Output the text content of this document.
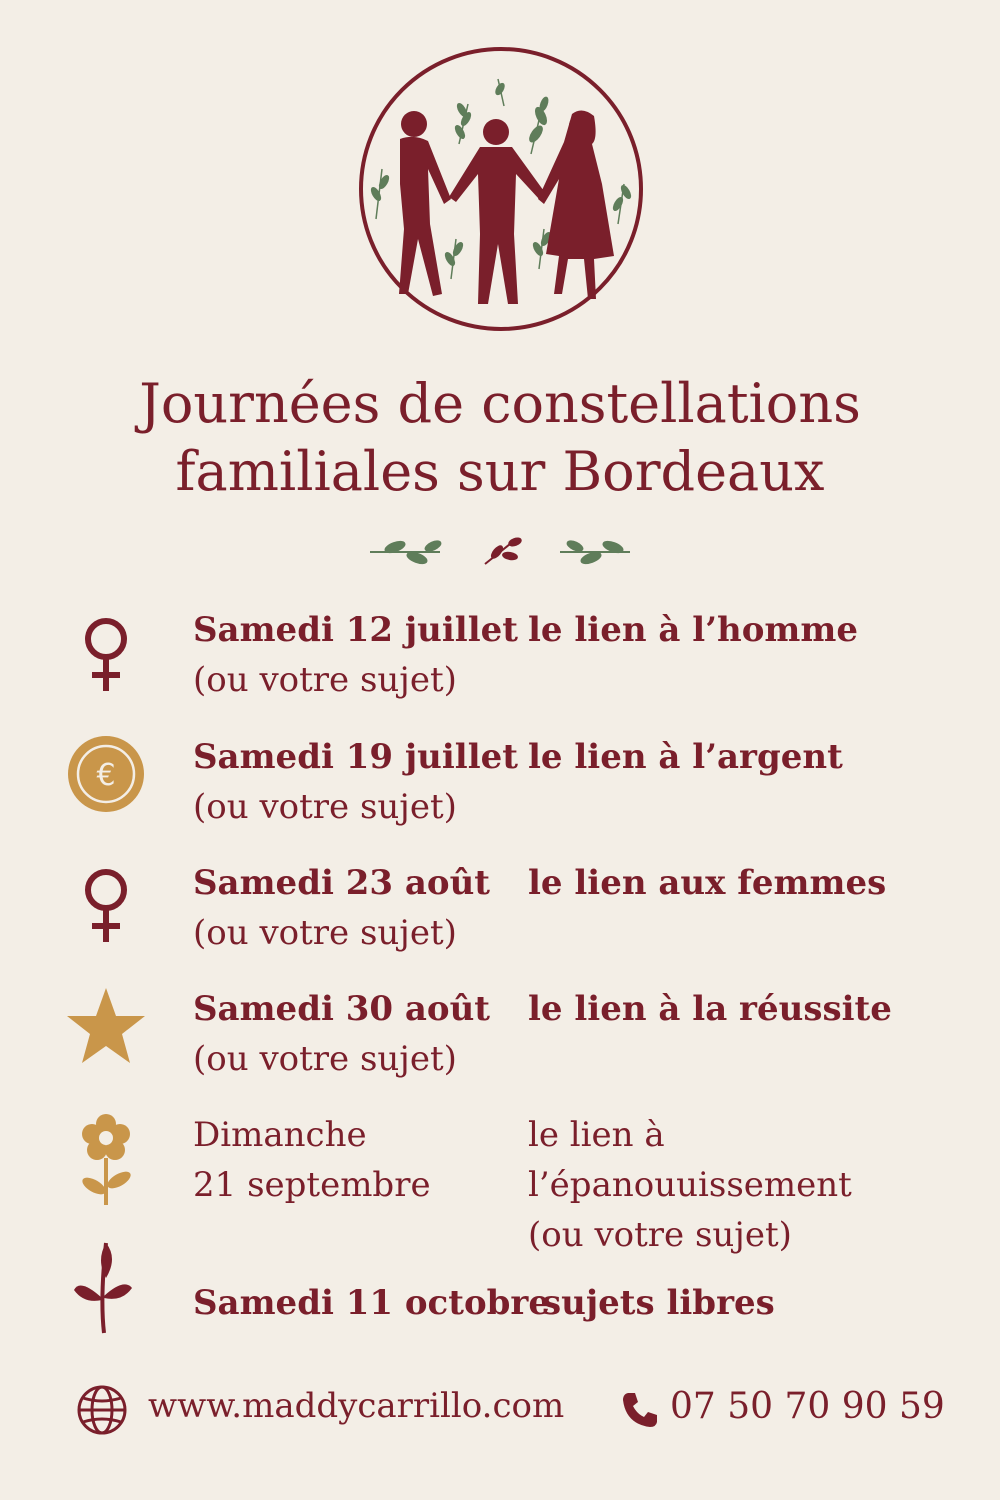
Journées de constellations
familiales sur Bordeaux
Samedi 12 juillet
(ou votre sujet)
le lien à l’homme
€ Samedi 19 juillet
(ou votre sujet)
le lien à l’argent
Samedi 23 août
(ou votre sujet)
le lien aux femmes
Samedi 30 août
(ou votre sujet)
le lien à la réussite
Dimanche
21 septembre
le lien à
l’épanouuissement
(ou votre sujet)
Samedi 11 octobre
sujets libres
www.maddycarrillo.com	07 50 70 90 59
